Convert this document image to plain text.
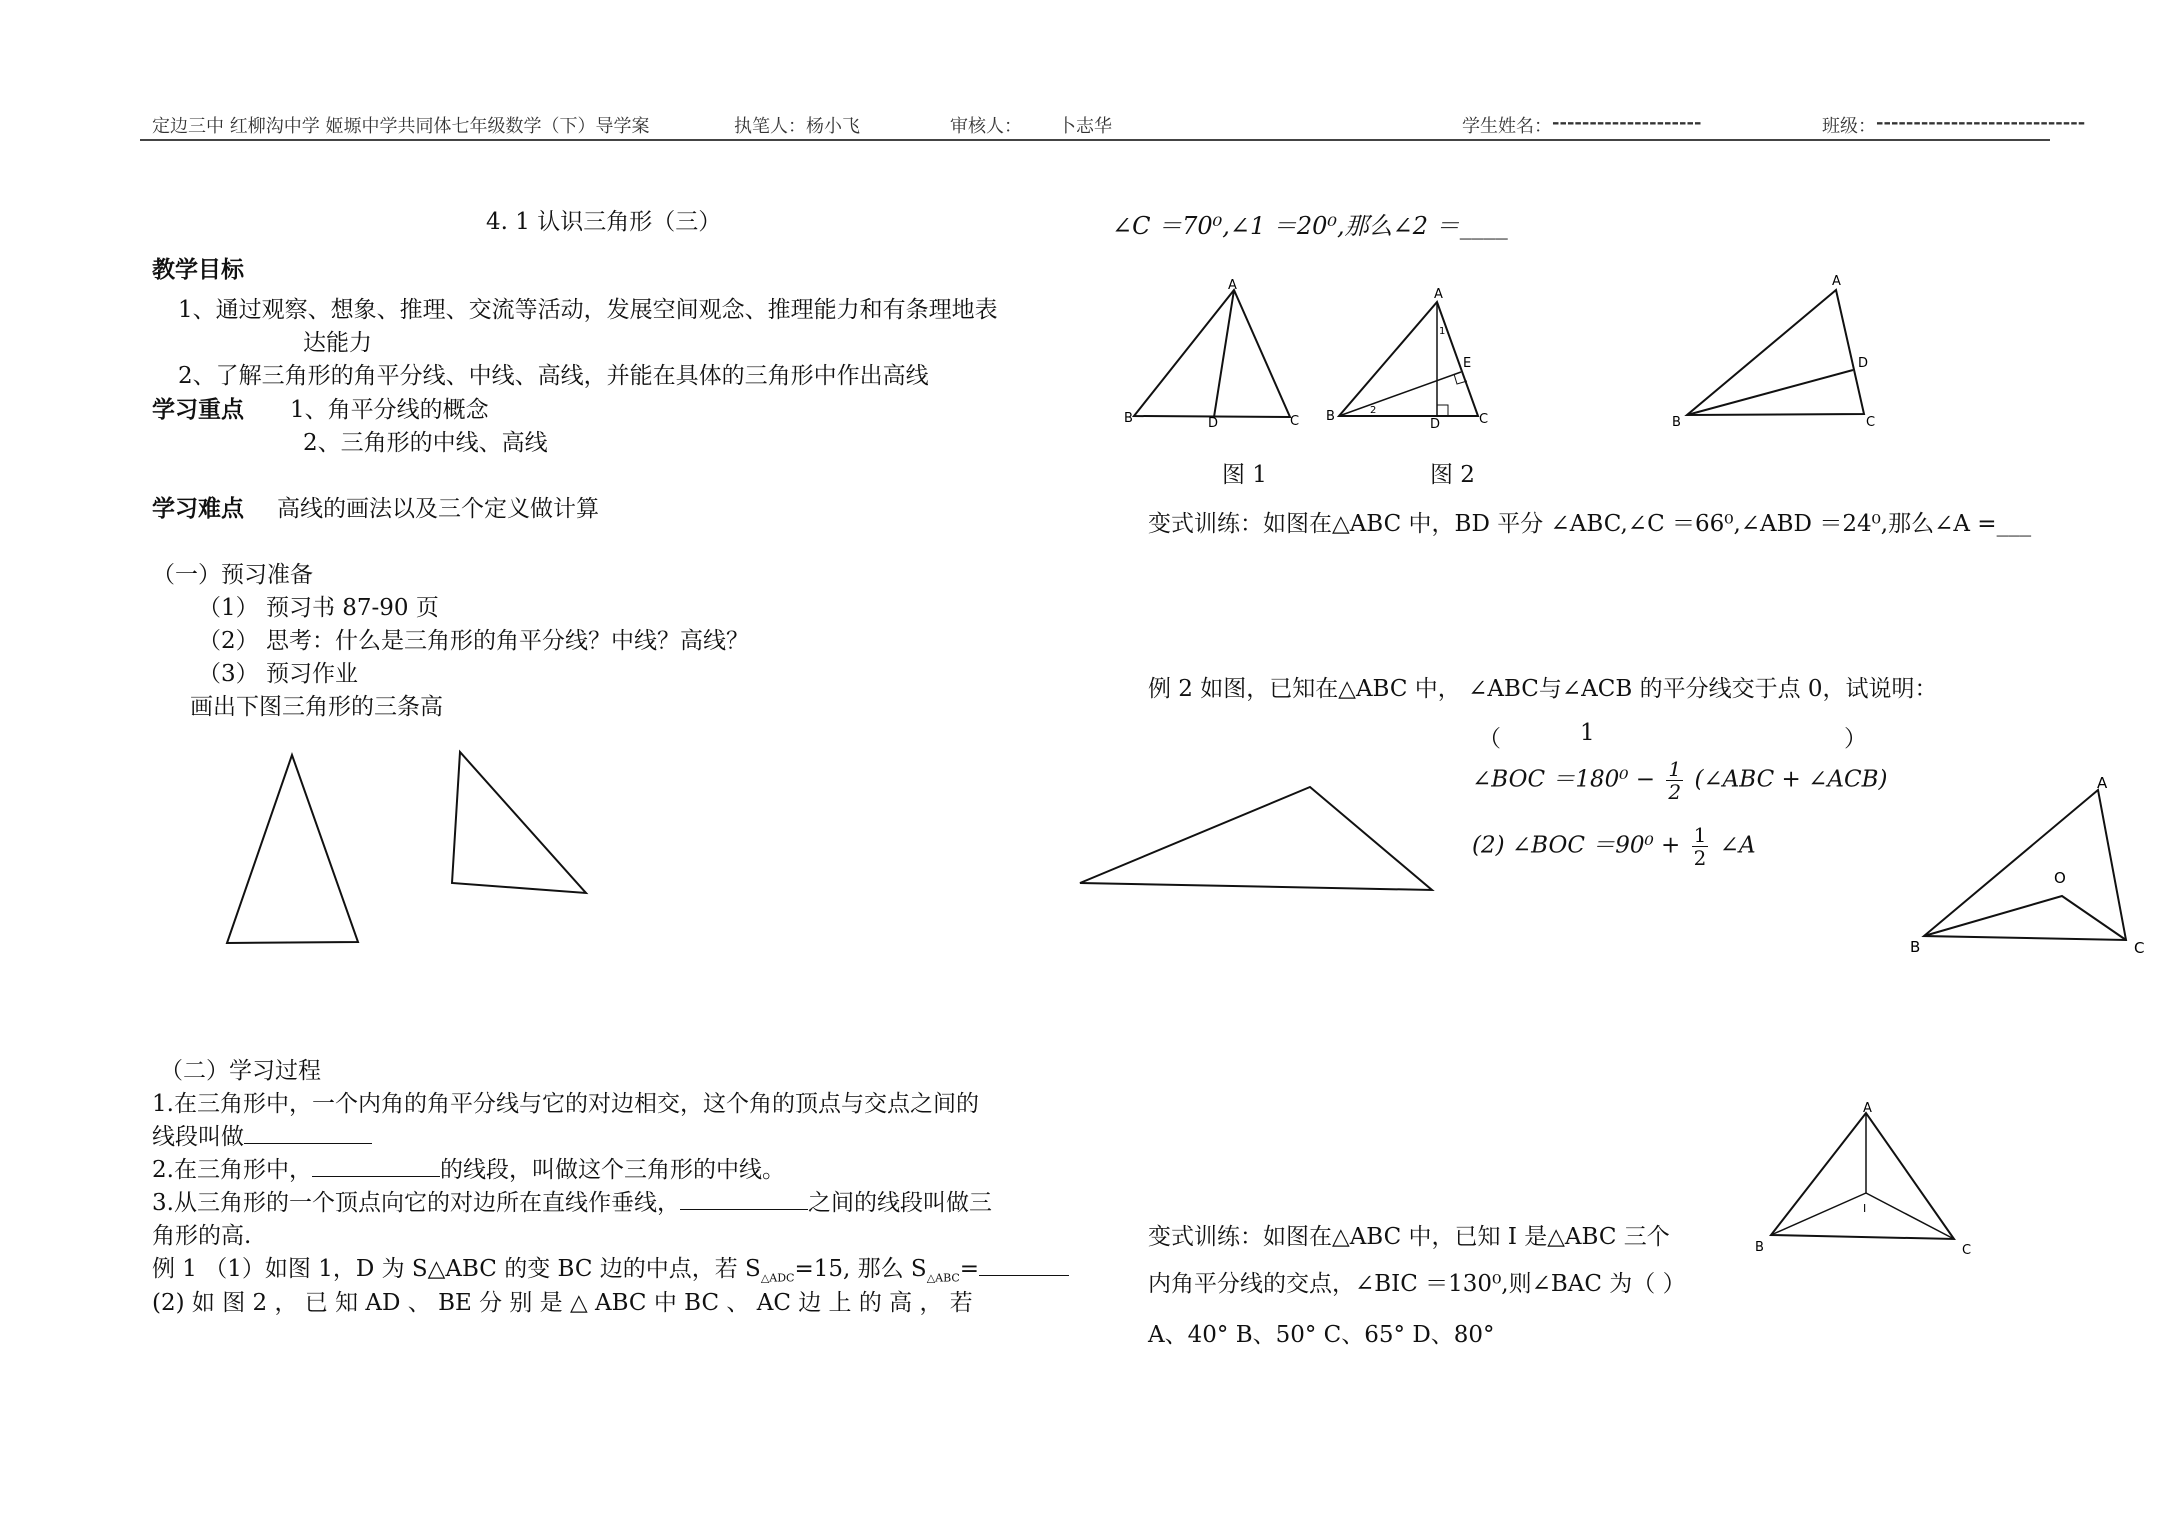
定边三中 红柳沟中学 姬塬中学共同体七年级数学（下）导学案	执笔人：杨小飞	审核人： 卜志华	学生姓名： --------------------	班级： ----------------------------
4. 1 认识三角形（三）
教学目标
1、通过观察、想象、推理、交流等活动，发展空间观念、推理能力和有条理地表
达能力
2、了解三角形的角平分线、中线、高线，并能在具体的三角形中作出高线
学习重点 1、角平分线的概念
2、三角形的中线、高线
学习难点 高线的画法以及三个定义做计算
（一）预习准备
（1） 预习书 87-90 页
（2） 思考：什么是三角形的角平分线？中线？高线？
（3） 预习作业
画出下图三角形的三条高
（二）学习过程
1.在三角形中，一个内角的角平分线与它的对边相交，这个角的顶点与交点之间的
线段叫做
2.在三角形中，	的线段，叫做这个三角形的中线。
3.从三角形的一个顶点向它的对边所在直线作垂线，	之间的线段叫做三
角形的高.
例 1 （1）如图 1，D 为 S△ABC 的变 BC 边的中点，若 $S_{\triangle ADC}=15$, 那么 $S_{\triangle ABC}=$
(2) 如 图 2 ， 已 知 AD 、 BE 分 别 是 △ ABC 中 BC 、 AC 边 上 的 高 ， 若
∠C ＝70⁰,∠1 ＝20⁰,那么∠2 ＝____
A
B	D	C
图 1
A
B
D	C
E
1
2
图 2
A
B
D
C
变式训练：如图在△ABC 中，BD 平分 ∠ABC,∠C ＝66⁰,∠ABD ＝24⁰,那么∠A =___
例 2 如图，已知在△ABC 中， ∠ABC与∠ACB 的平分线交于点 0，试说明：
（	1	）
∠BOC $=180^0 - \frac{1}{2}$ (∠ABC + ∠ACB)
(2) ∠BOC $=90^0 + \frac{1}{2}$ ∠A
A
B
O
C
A
B
I
C
变式训练：如图在△ABC 中，已知 I 是△ABC 三个
内角平分线的交点，∠BIC ＝130⁰,则∠BAC 为（ ）
A、40° B、50° C、65° D、80°
